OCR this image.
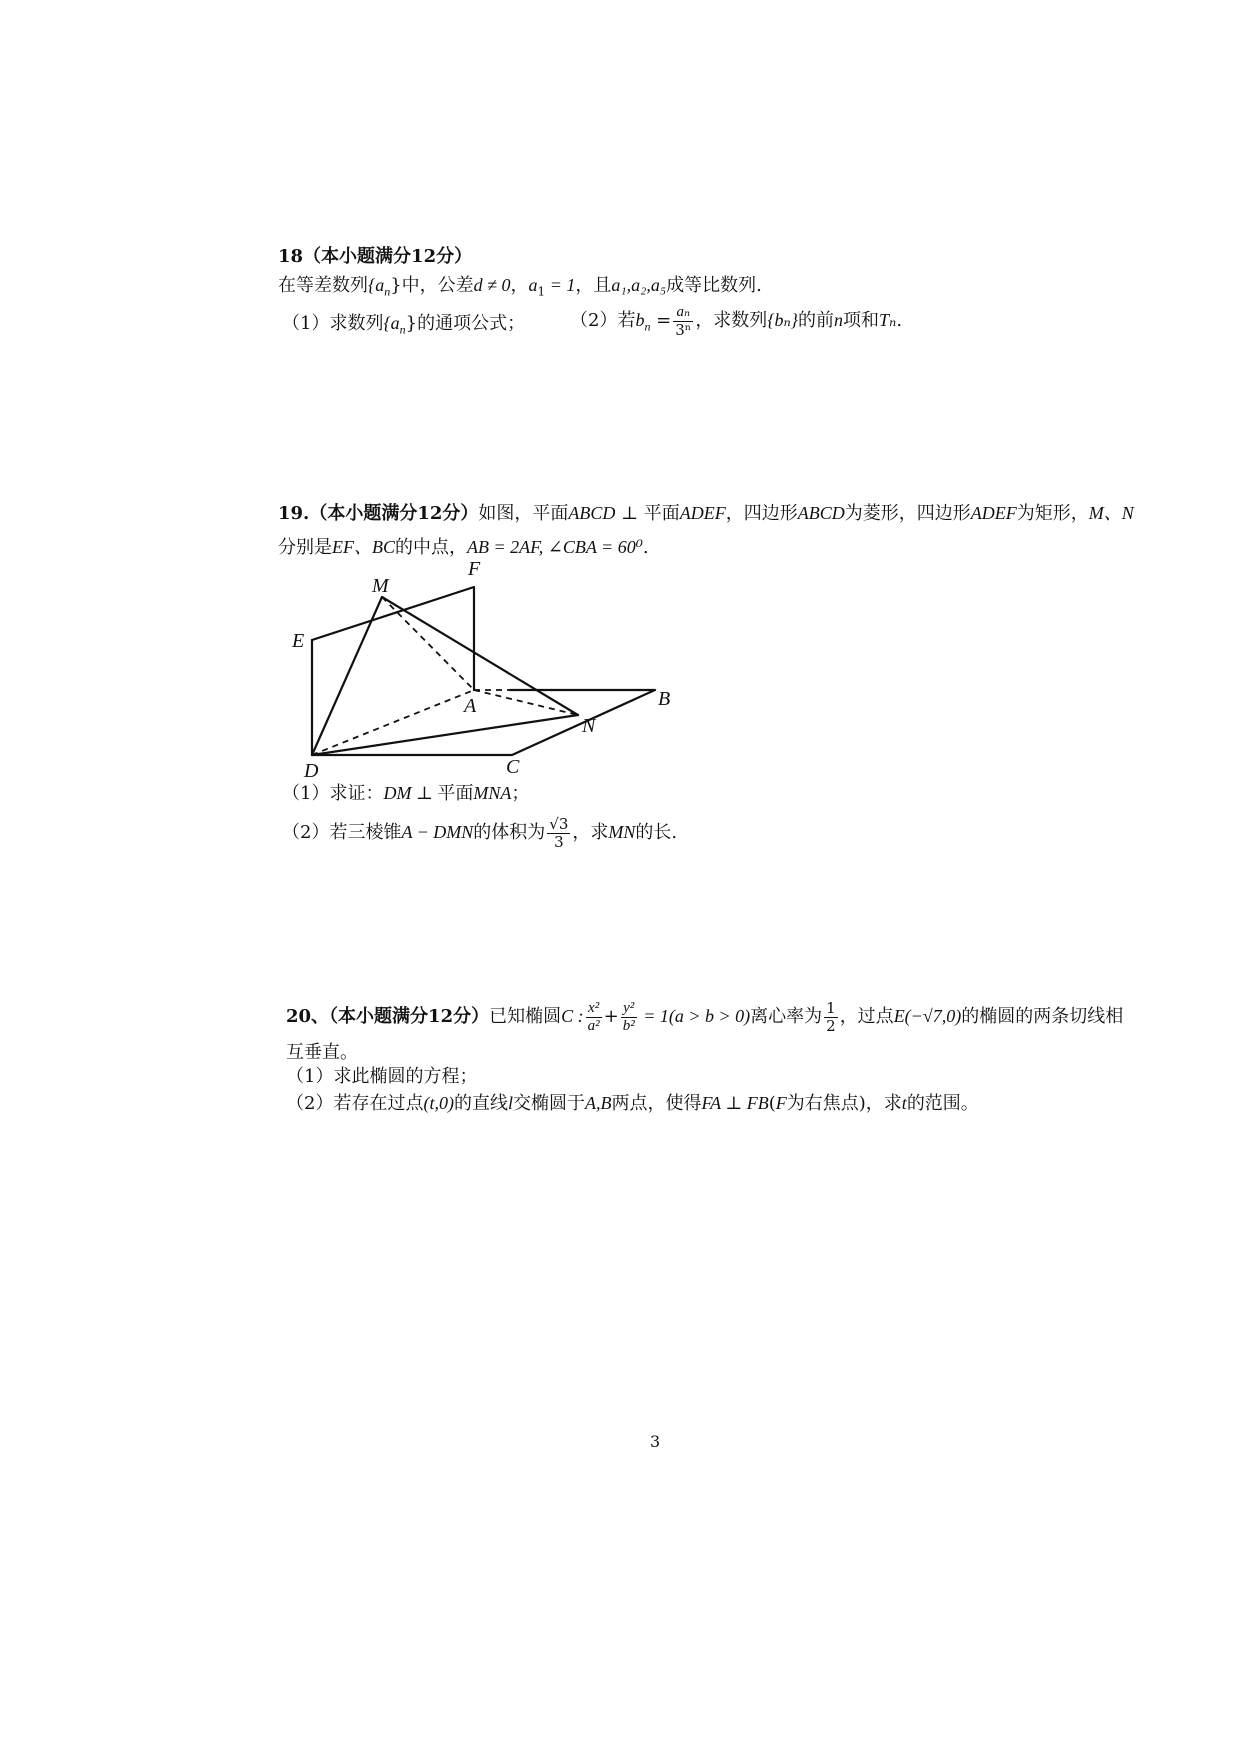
18（本小题满分12分）
在等差数列$\{a_n\}$中，公差d ≠ 0，$a_1 = 1$，且a₁,a₂,a₅成等比数列.
（1）求数列$\{a_n\}$的通项公式； （2）若$b_n = \frac{\text{aₙ}}{\text{3ⁿ}}$ ，求数列{bₙ}的前n项和Tₙ.
19.（本小题满分12分）如图，平面ABCD ⊥ 平面ADEF，四边形ABCD为菱形，四边形ADEF为矩形，M、N
分别是EF、BC的中点，AB = 2AF, ∠CBA = 60⁰.
F
M
E
A	B
N
D	C
（1）求证：DM ⊥ 平面MNA；
（2）若三棱锥A − DMN的体积为 $\frac{√3}{3}$ ，求MN的长.
20、（本小题满分12分）已知椭圆C : $\frac{\text{x²}}{\text{a²}} + \frac{\text{y²}}{\text{b²}} = 1(a > b > 0)$离心率为 $\frac{1}{2}$ ，过点E(−√7,0)的椭圆的两条切线相
互垂直。
（1）求此椭圆的方程；
（2）若存在过点(t,0)的直线l交椭圆于A,B两点，使得FA ⊥ FB(F为右焦点)，求t的范围。
3
